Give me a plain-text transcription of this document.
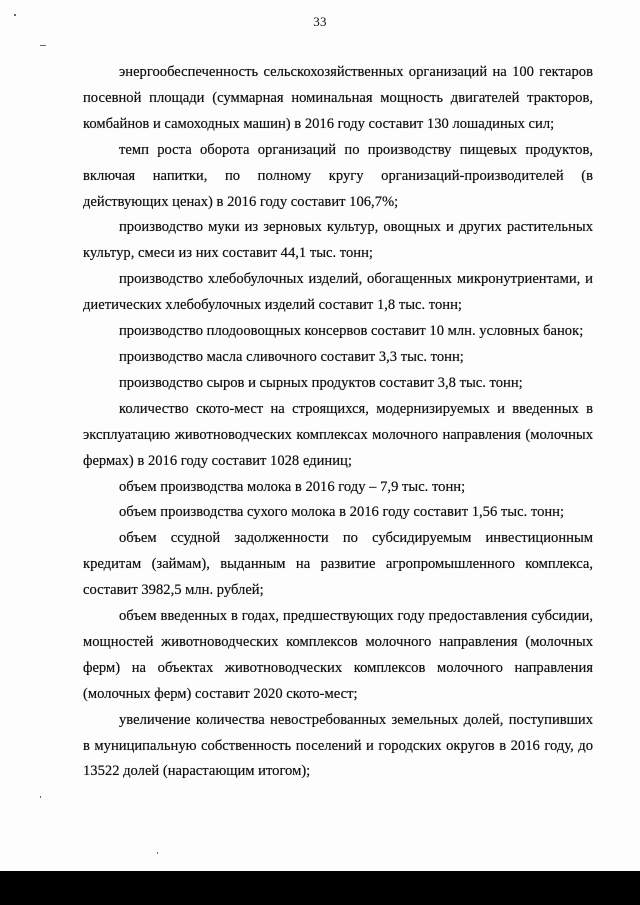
33

энергообеспеченность сельскохозяйственных организаций на 100 гектаров посевной площади (суммарная номинальная мощность двигателей тракторов, комбайнов и самоходных машин) в 2016 году составит 130 лошадиных сил;

темп роста оборота организаций по производству пищевых продуктов, включая напитки, по полному кругу организаций-производителей (в действующих ценах) в 2016 году составит 106,7%;

производство муки из зерновых культур, овощных и других растительных культур, смеси из них составит 44,1 тыс. тонн;

производство хлебобулочных изделий, обогащенных микронутриентами, и диетических хлебобулочных изделий составит 1,8 тыс. тонн;

производство плодоовощных консервов составит 10 млн. условных банок;

производство масла сливочного составит 3,3 тыс. тонн;

производство сыров и сырных продуктов составит 3,8 тыс. тонн;

количество ското-мест на строящихся, модернизируемых и введенных в эксплуатацию животноводческих комплексах молочного направления (молочных фермах) в 2016 году составит 1028 единиц;

объем производства молока в 2016 году – 7,9 тыс. тонн;

объем производства сухого молока в 2016 году составит 1,56 тыс. тонн;

объем ссудной задолженности по субсидируемым инвестиционным кредитам (займам), выданным на развитие агропромышленного комплекса, составит 3982,5 млн. рублей;

объем введенных в годах, предшествующих году предоставления субсидии, мощностей животноводческих комплексов молочного направления (молочных ферм) на объектах животноводческих комплексов молочного направления (молочных ферм) составит 2020 ското-мест;

увеличение количества невостребованных земельных долей, поступивших в муниципальную собственность поселений и городских округов в 2016 году, до 13522 долей (нарастающим итогом);
